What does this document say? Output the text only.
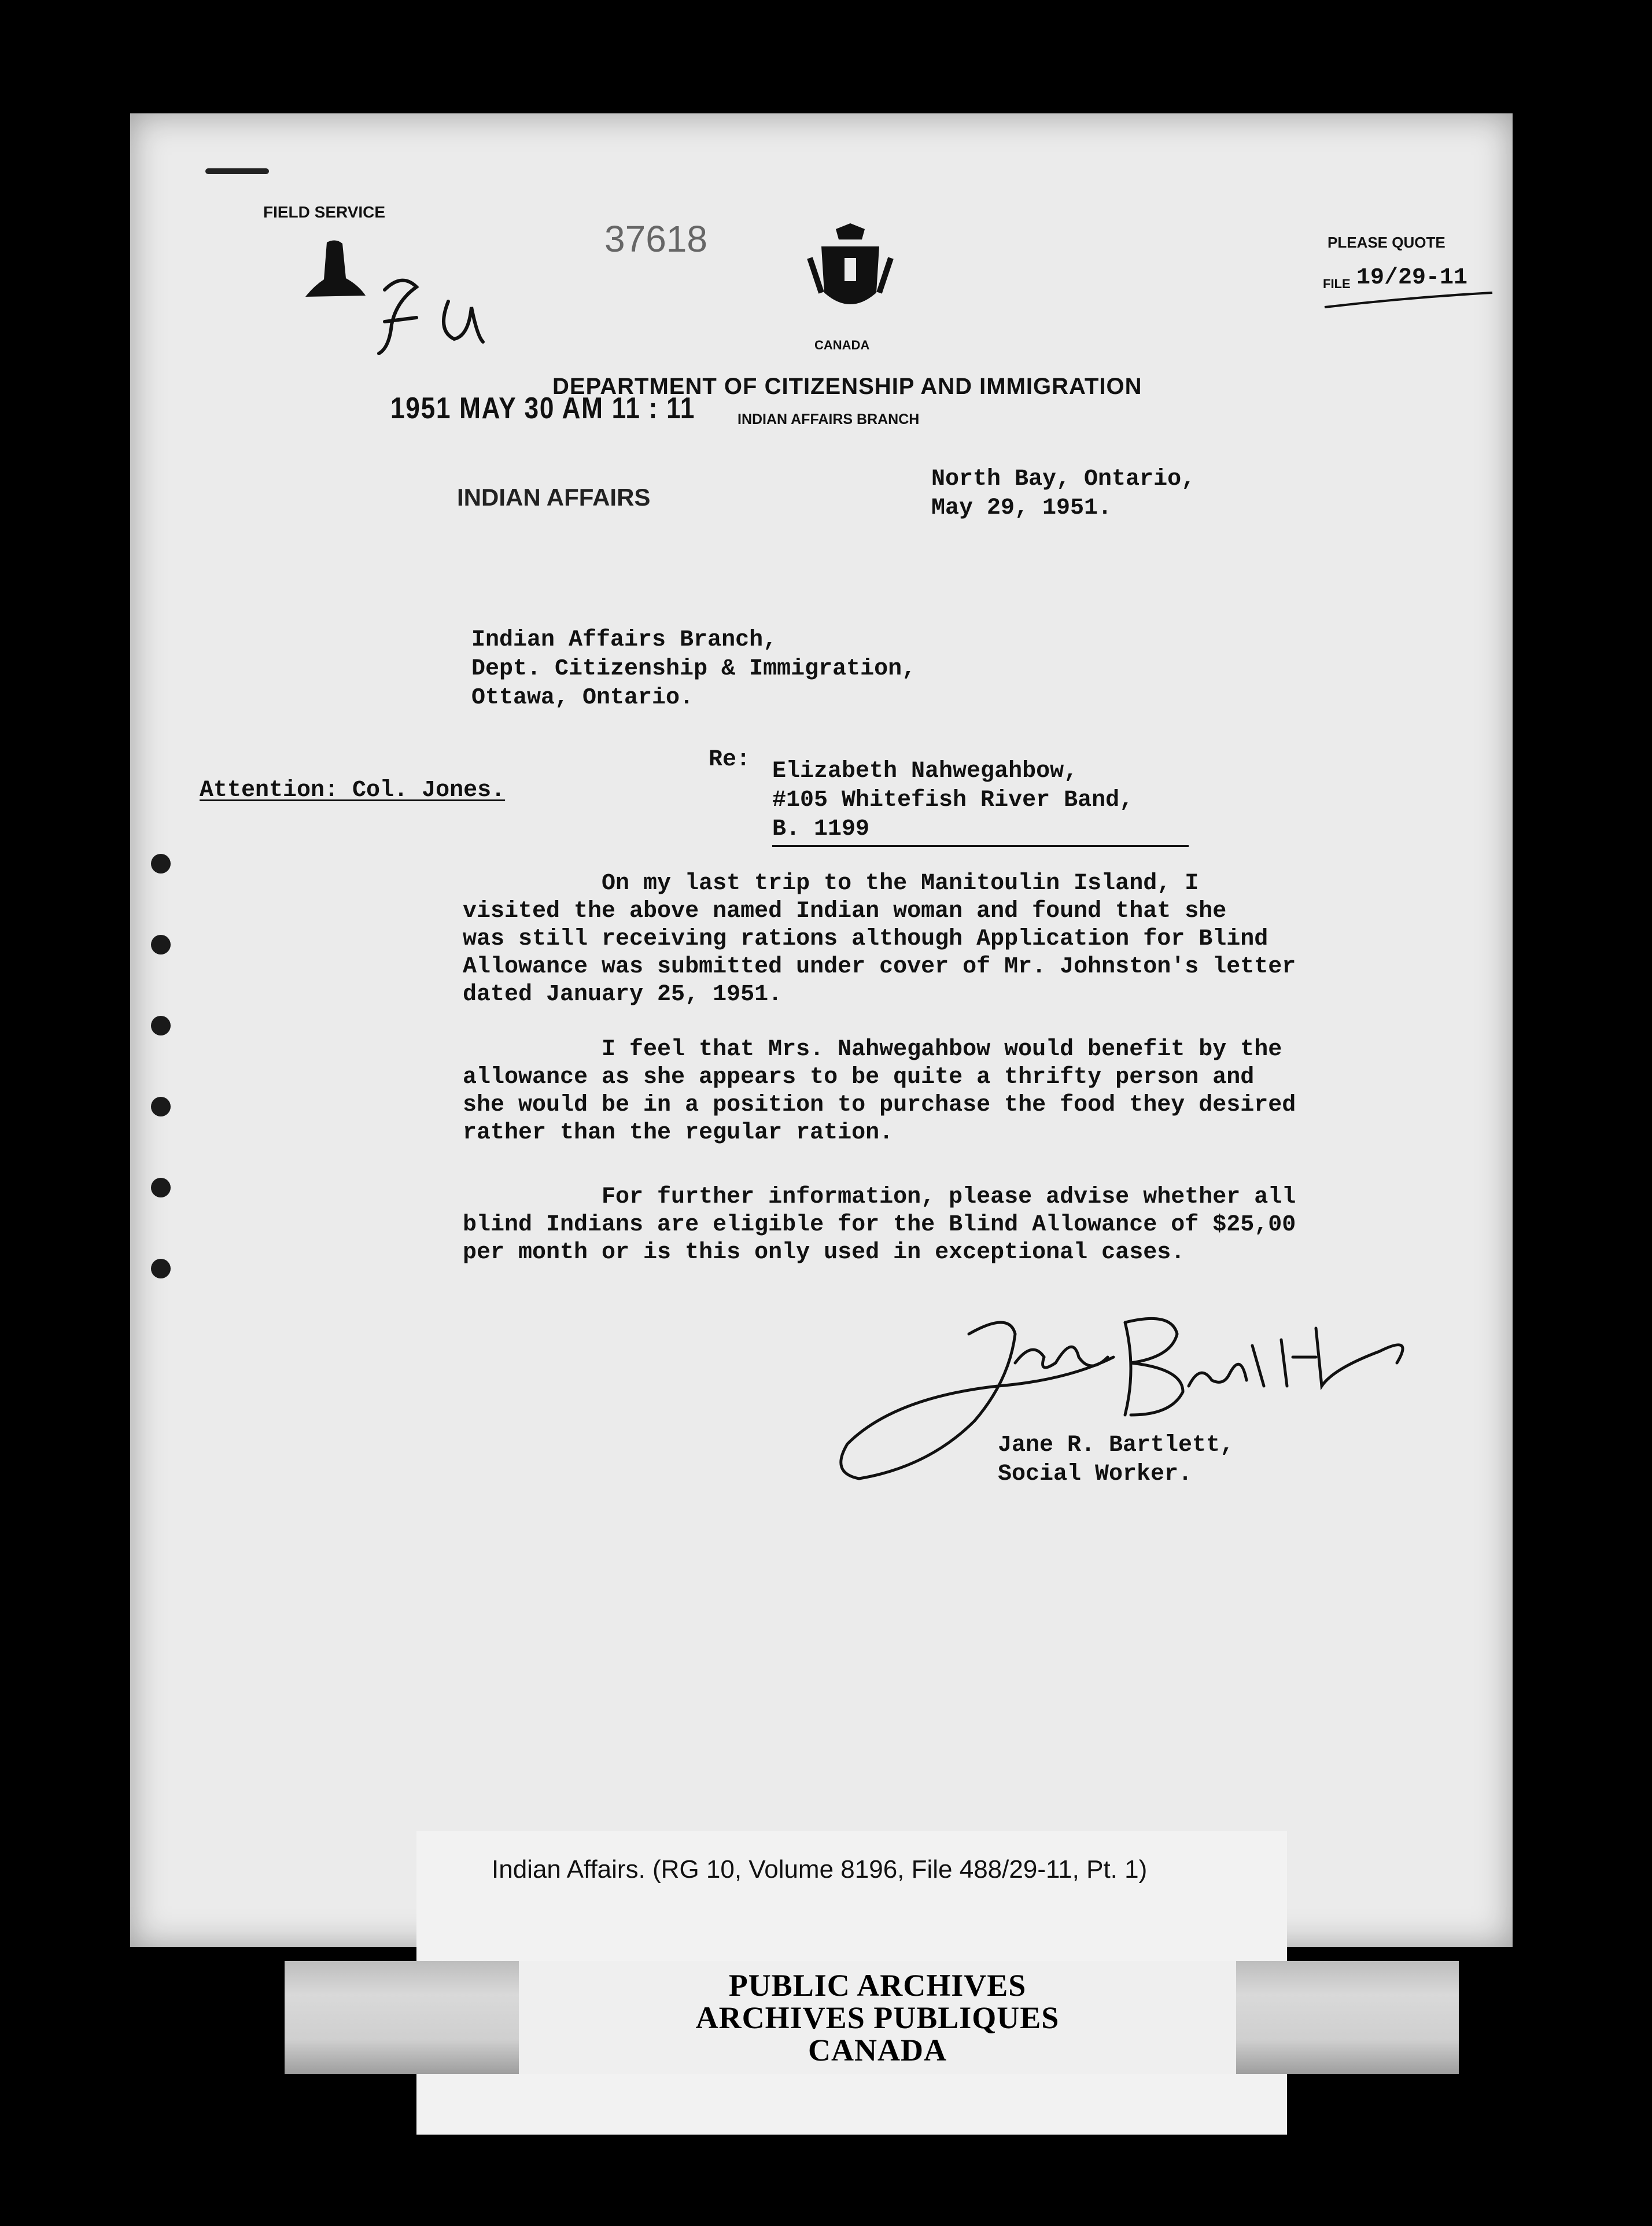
FIELD SERVICE
37618
CANADA
PLEASE QUOTE
FILE 19/29-11
DEPARTMENT OF CITIZENSHIP AND IMMIGRATION
INDIAN AFFAIRS BRANCH
1951 MAY 30 AM 11 : 11
INDIAN AFFAIRS
North Bay, Ontario,
May 29, 1951.
Indian Affairs Branch,
Dept. Citizenship & Immigration,
Ottawa, Ontario.
Attention: Col. Jones.
Re: Elizabeth Nahwegahbow,
#105 Whitefish River Band,
B. 1199
On my last trip to the Manitoulin Island, I
visited the above named Indian woman and found that she
was still receiving rations although Application for Blind
Allowance was submitted under cover of Mr. Johnston's letter
dated January 25, 1951.
I feel that Mrs. Nahwegahbow would benefit by the
allowance as she appears to be quite a thrifty person and
she would be in a position to purchase the food they desired
rather than the regular ration.
For further information, please advise whether all
blind Indians are eligible for the Blind Allowance of $25,00
per month or is this only used in exceptional cases.
Jane R. Bartlett,
Social Worker.
Indian Affairs. (RG 10, Volume 8196, File 488/29-11, Pt. 1)
PUBLIC ARCHIVES
ARCHIVES PUBLIQUES
CANADA
